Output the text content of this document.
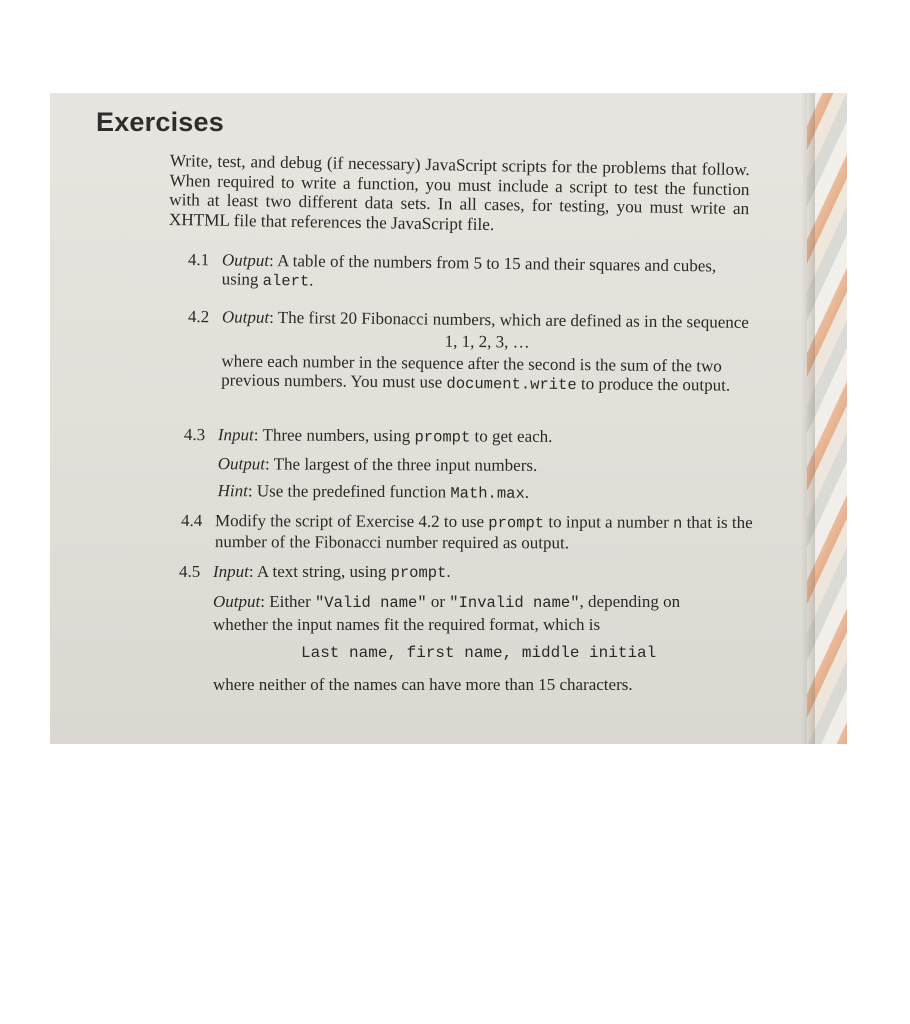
Exercises
Write, test, and debug (if necessary) JavaScript scripts for the problems that follow. When required to write a function, you must include a script to test the function with at least two different data sets. In all cases, for testing, you must write an XHTML file that references the JavaScript file.
4.1 Output: A table of the numbers from 5 to 15 and their squares and cubes, using alert.

4.2 Output: The first 20 Fibonacci numbers, which are defined as in the sequence

1, 1, 2, 3, …

where each number in the sequence after the second is the sum of the two previous numbers. You must use document.write to produce the output.

4.3 Input: Three numbers, using prompt to get each.

Output: The largest of the three input numbers.

Hint: Use the predefined function Math.max.

4.4 Modify the script of Exercise 4.2 to use prompt to input a number n that is the number of the Fibonacci number required as output.

4.5 Input: A text string, using prompt.

Output: Either "Valid name" or "Invalid name", depending on whether the input names fit the required format, which is

Last name, first name, middle initial

where neither of the names can have more than 15 characters.
